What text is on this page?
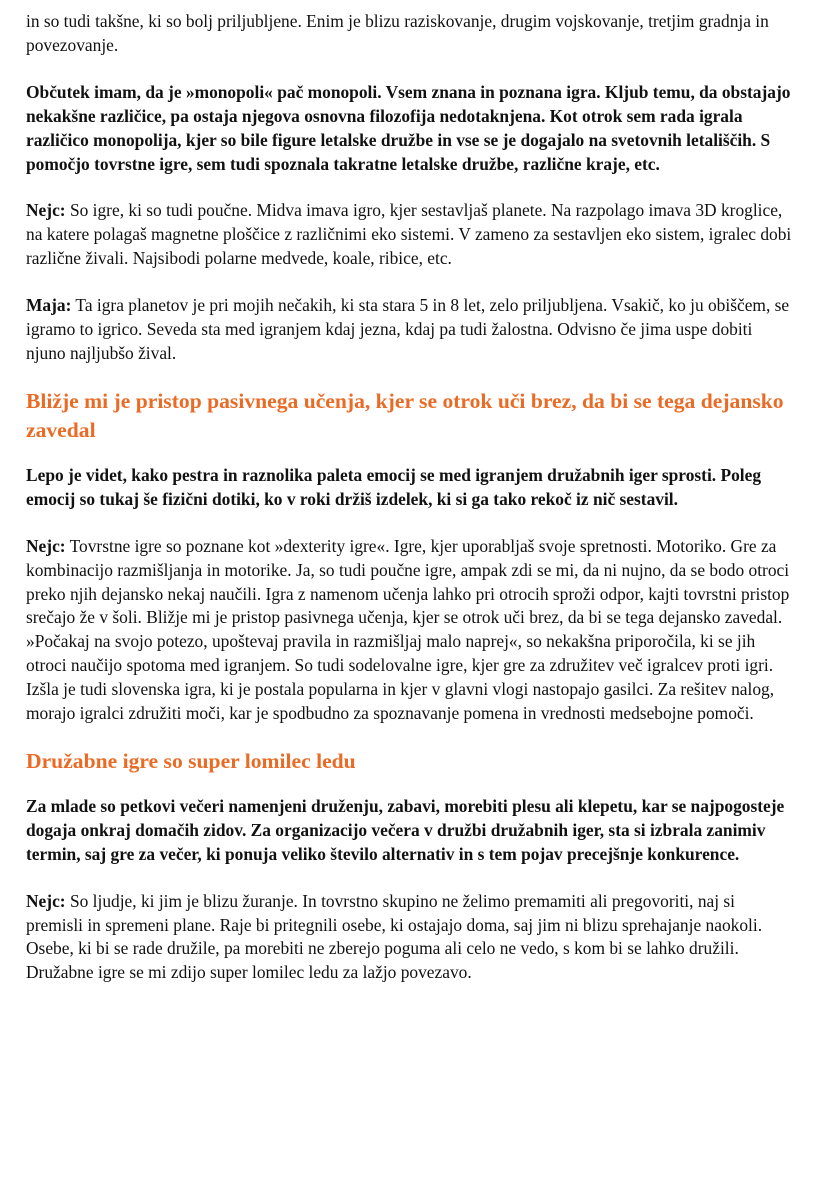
in so tudi takšne, ki so bolj priljubljene. Enim je blizu raziskovanje, drugim vojskovanje, tretjim gradnja in povezovanje.

Občutek imam, da je »monopoli« pač monopoli. Vsem znana in poznana igra. Kljub temu, da obstajajo nekakšne različice, pa ostaja njegova osnovna filozofija nedotaknjena. Kot otrok sem rada igrala različico monopolija, kjer so bile figure letalske družbe in vse se je dogajalo na svetovnih letališčih. S pomočjo tovrstne igre, sem tudi spoznala takratne letalske družbe, različne kraje, etc.

Nejc: So igre, ki so tudi poučne. Midva imava igro, kjer sestavljaš planete. Na razpolago imava 3D kroglice, na katere polagaš magnetne ploščice z različnimi eko sistemi. V zameno za sestavljen eko sistem, igralec dobi različne živali. Najsibodi polarne medvede, koale, ribice, etc.

Maja: Ta igra planetov je pri mojih nečakih, ki sta stara 5 in 8 let, zelo priljubljena. Vsakič, ko ju obiščem, se igramo to igrico. Seveda sta med igranjem kdaj jezna, kdaj pa tudi žalostna. Odvisno če jima uspe dobiti njuno najljubšo žival.

Bližje mi je pristop pasivnega učenja, kjer se otrok uči brez, da bi se tega dejansko zavedal

Lepo je videt, kako pestra in raznolika paleta emocij se med igranjem družabnih iger sprosti. Poleg emocij so tukaj še fizični dotiki, ko v roki držiš izdelek, ki si ga tako rekoč iz nič sestavil.

Nejc: Tovrstne igre so poznane kot »dexterity igre«. Igre, kjer uporabljaš svoje spretnosti. Motoriko. Gre za kombinacijo razmišljanja in motorike. Ja, so tudi poučne igre, ampak zdi se mi, da ni nujno, da se bodo otroci preko njih dejansko nekaj naučili. Igra z namenom učenja lahko pri otrocih sproži odpor, kajti tovrstni pristop srečajo že v šoli. Bližje mi je pristop pasivnega učenja, kjer se otrok uči brez, da bi se tega dejansko zavedal. »Počakaj na svojo potezo, upoštevaj pravila in razmišljaj malo naprej«, so nekakšna priporočila, ki se jih otroci naučijo spotoma med igranjem. So tudi sodelovalne igre, kjer gre za združitev več igralcev proti igri. Izšla je tudi slovenska igra, ki je postala popularna in kjer v glavni vlogi nastopajo gasilci. Za rešitev nalog, morajo igralci združiti moči, kar je spodbudno za spoznavanje pomena in vrednosti medsebojne pomoči.

Družabne igre so super lomilec ledu

Za mlade so petkovi večeri namenjeni druženju, zabavi, morebiti plesu ali klepetu, kar se najpogosteje dogaja onkraj domačih zidov. Za organizacijo večera v družbi družabnih iger, sta si izbrala zanimiv termin, saj gre za večer, ki ponuja veliko število alternativ in s tem pojav precejšnje konkurence.

Nejc: So ljudje, ki jim je blizu žuranje. In tovrstno skupino ne želimo premamiti ali pregovoriti, naj si premisli in spremeni plane. Raje bi pritegnili osebe, ki ostajajo doma, saj jim ni blizu sprehajanje naokoli. Osebe, ki bi se rade družile, pa morebiti ne zberejo poguma ali celo ne vedo, s kom bi se lahko družili. Družabne igre se mi zdijo super lomilec ledu za lažjo povezavo.
